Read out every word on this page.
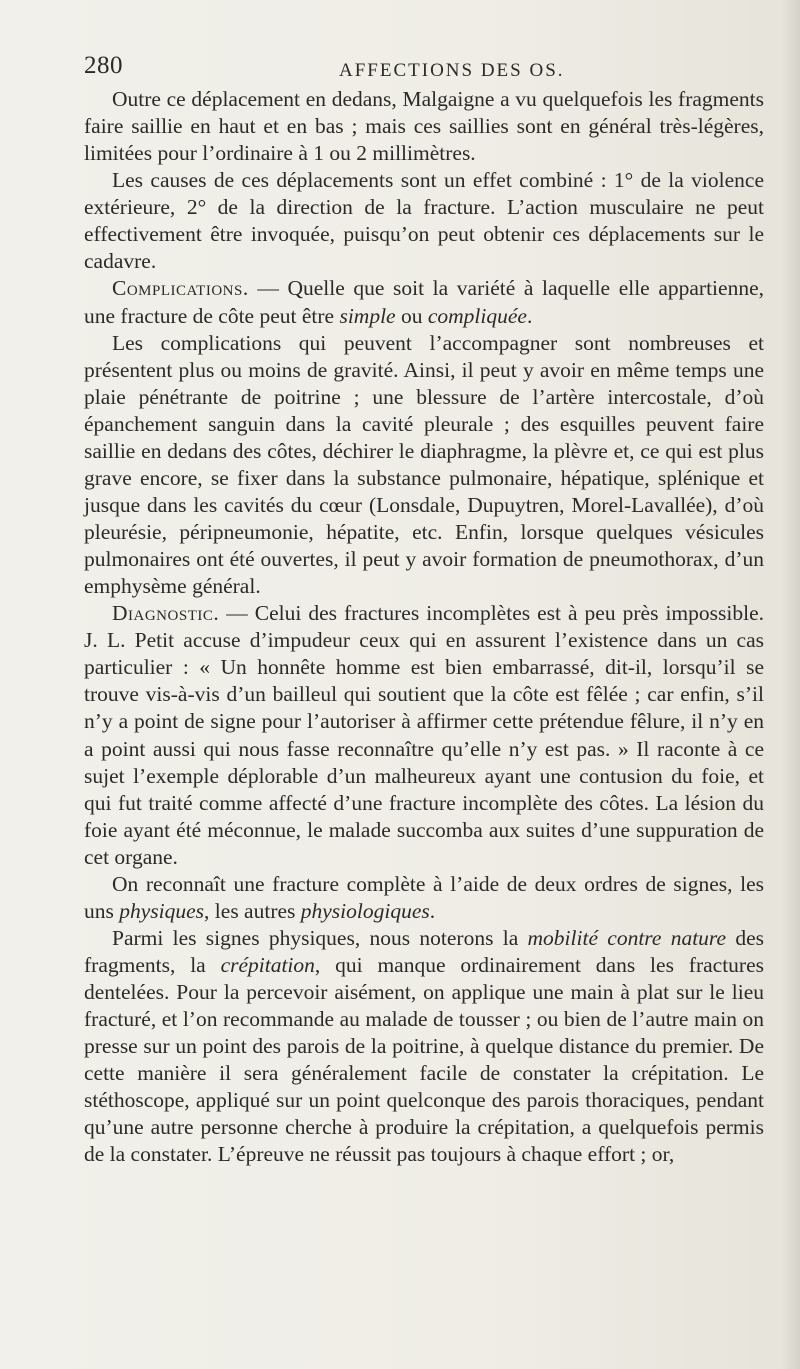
280	AFFECTIONS DES OS.

Outre ce déplacement en dedans, Malgaigne a vu quelquefois les fragments faire saillie en haut et en bas ; mais ces saillies sont en général très-légères, limitées pour l’ordinaire à 1 ou 2 millimètres.

Les causes de ces déplacements sont un effet combiné : 1° de la violence extérieure, 2° de la direction de la fracture. L’action musculaire ne peut effectivement être invoquée, puisqu’on peut obtenir ces déplacements sur le cadavre.

Complications. — Quelle que soit la variété à laquelle elle appartienne, une fracture de côte peut être simple ou compliquée.

Les complications qui peuvent l’accompagner sont nombreuses et présentent plus ou moins de gravité. Ainsi, il peut y avoir en même temps une plaie pénétrante de poitrine ; une blessure de l’artère intercostale, d’où épanchement sanguin dans la cavité pleurale ; des esquilles peuvent faire saillie en dedans des côtes, déchirer le diaphragme, la plèvre et, ce qui est plus grave encore, se fixer dans la substance pulmonaire, hépatique, splénique et jusque dans les cavités du cœur (Lonsdale, Dupuytren, Morel-Lavallée), d’où pleurésie, péripneumonie, hépatite, etc. Enfin, lorsque quelques vésicules pulmonaires ont été ouvertes, il peut y avoir formation de pneumothorax, d’un emphysème général.

Diagnostic. — Celui des fractures incomplètes est à peu près impossible. J. L. Petit accuse d’impudeur ceux qui en assurent l’existence dans un cas particulier : « Un honnête homme est bien embarrassé, dit-il, lorsqu’il se trouve vis-à-vis d’un bailleul qui soutient que la côte est fêlée ; car enfin, s’il n’y a point de signe pour l’autoriser à affirmer cette prétendue fêlure, il n’y en a point aussi qui nous fasse reconnaître qu’elle n’y est pas. » Il raconte à ce sujet l’exemple déplorable d’un malheureux ayant une contusion du foie, et qui fut traité comme affecté d’une fracture incomplète des côtes. La lésion du foie ayant été méconnue, le malade succomba aux suites d’une suppuration de cet organe.

On reconnaît une fracture complète à l’aide de deux ordres de signes, les uns physiques, les autres physiologiques.

Parmi les signes physiques, nous noterons la mobilité contre nature des fragments, la crépitation, qui manque ordinairement dans les fractures dentelées. Pour la percevoir aisément, on applique une main à plat sur le lieu fracturé, et l’on recommande au malade de tousser ; ou bien de l’autre main on presse sur un point des parois de la poitrine, à quelque distance du premier. De cette manière il sera généralement facile de constater la crépitation. Le stéthoscope, appliqué sur un point quelconque des parois thoraciques, pendant qu’une autre personne cherche à produire la crépitation, a quelquefois permis de la constater. L’épreuve ne réussit pas toujours à chaque effort ; or,
